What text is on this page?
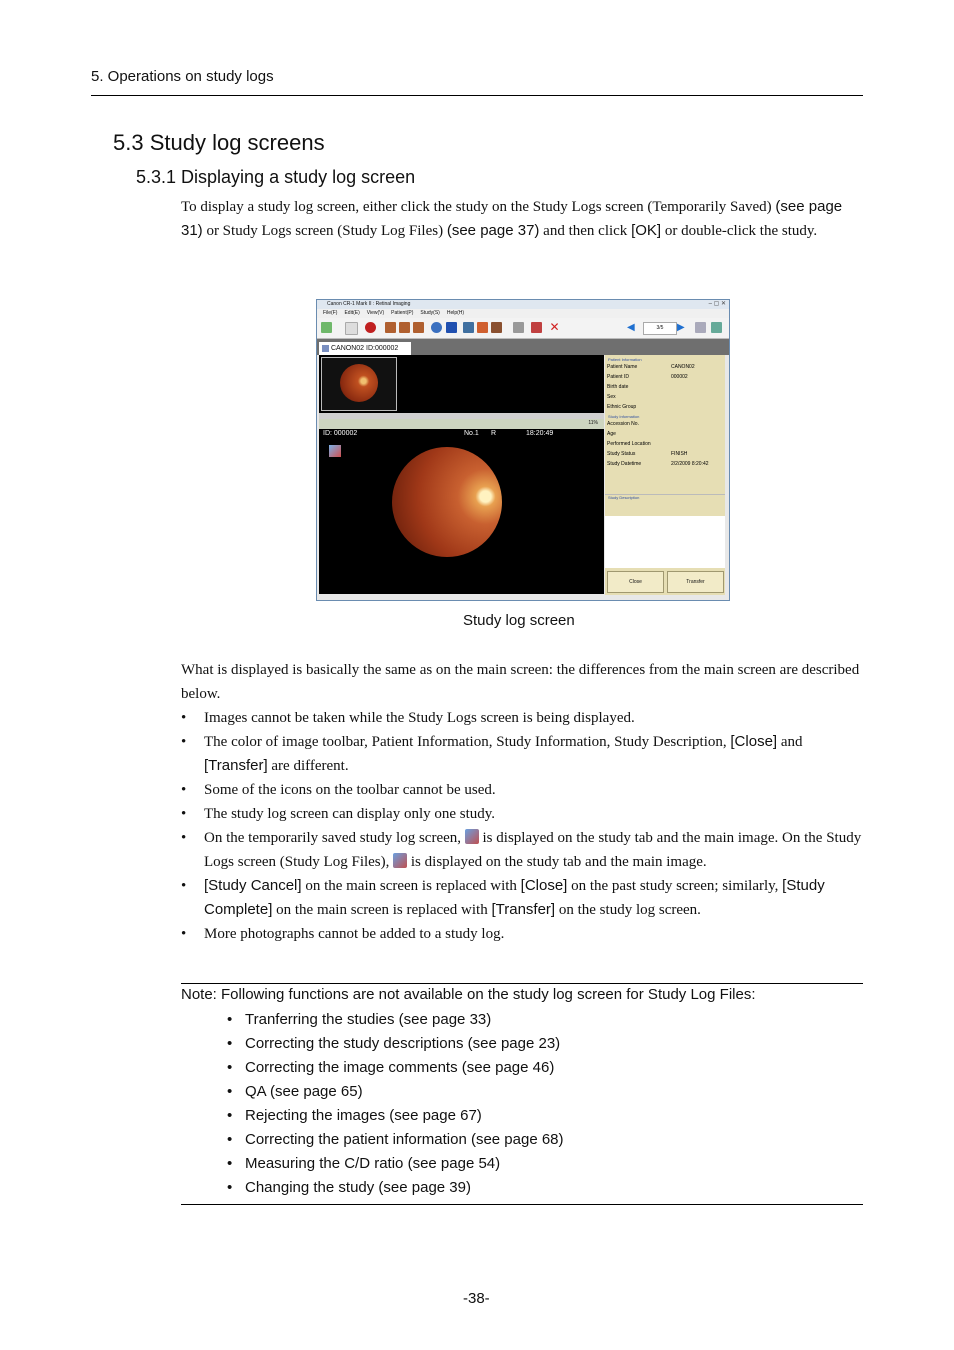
5. Operations on study logs
5.3 Study log screens
5.3.1 Displaying a study log screen
To display a study log screen, either click the study on the Study Logs screen (Temporarily Saved) (see page 31) or Study Logs screen (Study Log Files) (see page 37) and then click [OK] or double-click the study.
Canon CR-1 Mark II : Retinal Imaging	– ▢ ✕
File(F) Edit(E) View(V) Patient(P) Study(S) Help(H)
✕	◀	3/5	▶
CANON02 ID:000002
11%
ID: 000002	No.1 R	18:20:49
Patient Information
Patient Name	CANON02
Patient ID	000002
Birth date
Sex
Ethnic Group
Study Information
Accession No.
Age
Performed Location
Study Status	FINISH
Study Datetime	2/2/2009 8:20:42
Study Description
Close	Transfer
Study log screen
What is displayed is basically the same as on the main screen: the differences from the main screen are described below.
• Images cannot be taken while the Study Logs screen is being displayed.
• The color of image toolbar, Patient Information, Study Information, Study Description, [Close] and [Transfer] are different.
• Some of the icons on the toolbar cannot be used.
• The study log screen can display only one study.
• On the temporarily saved study log screen,  is displayed on the study tab and the main image. On the Study Logs screen (Study Log Files),  is displayed on the study tab and the main image.
• [Study Cancel] on the main screen is replaced with [Close] on the past study screen; similarly, [Study Complete] on the main screen is replaced with [Transfer] on the study log screen.
• More photographs cannot be added to a study log.
Note: Following functions are not available on the study log screen for Study Log Files:
• Tranferring the studies (see page 33)
• Correcting the study descriptions (see page 23)
• Correcting the image comments (see page 46)
• QA (see page 65)
• Rejecting the images (see page 67)
• Correcting the patient information (see page 68)
• Measuring the C/D ratio (see page 54)
• Changing the study (see page 39)
-38-
